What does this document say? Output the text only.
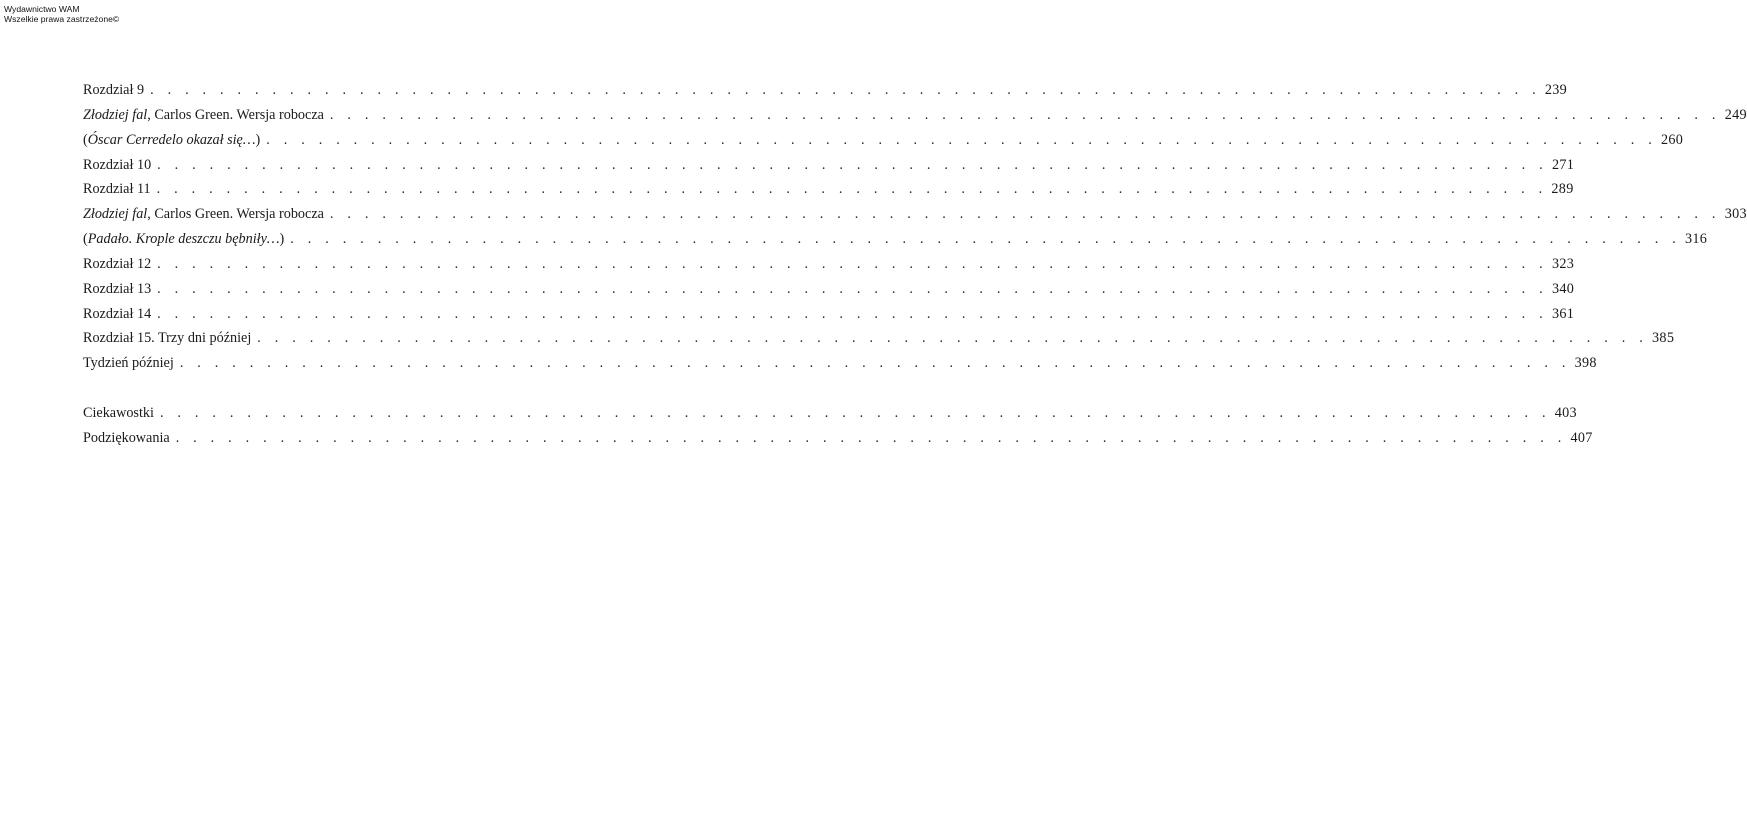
Wydawnictwo WAM
Wszelkie prawa zastrzeżone©
Rozdział 9 . . . . . . . . . . . . . . . . . . . . . . . . . . . . . . . . . . . . . . . . . . . . . . . . . . . . . . . . . . . . . . . . . . . . . . . . . . . . . . . . 239
Złodziej fal, Carlos Green. Wersja robocza . . . . . . . . . . . . . . . . . . . . . . . . . . . . . . . . . . . . . . . . . . . . . . . . . . . . . . . . . . . . . . . . . . . . . . . . . . . . . . . . 249
(Óscar Cerredelo okazał się…) . . . . . . . . . . . . . . . . . . . . . . . . . . . . . . . . . . . . . . . . . . . . . . . . . . . . . . . . . . . . . . . . . . . . . . . . . . . . . . . . 260
Rozdział 10 . . . . . . . . . . . . . . . . . . . . . . . . . . . . . . . . . . . . . . . . . . . . . . . . . . . . . . . . . . . . . . . . . . . . . . . . . . . . . . . . 271
Rozdział 11 . . . . . . . . . . . . . . . . . . . . . . . . . . . . . . . . . . . . . . . . . . . . . . . . . . . . . . . . . . . . . . . . . . . . . . . . . . . . . . . . 289
Złodziej fal, Carlos Green. Wersja robocza . . . . . . . . . . . . . . . . . . . . . . . . . . . . . . . . . . . . . . . . . . . . . . . . . . . . . . . . . . . . . . . . . . . . . . . . . . . . . . . . 303
(Padało. Krople deszczu bębniły…) . . . . . . . . . . . . . . . . . . . . . . . . . . . . . . . . . . . . . . . . . . . . . . . . . . . . . . . . . . . . . . . . . . . . . . . . . . . . . . . . 316
Rozdział 12 . . . . . . . . . . . . . . . . . . . . . . . . . . . . . . . . . . . . . . . . . . . . . . . . . . . . . . . . . . . . . . . . . . . . . . . . . . . . . . . . 323
Rozdział 13 . . . . . . . . . . . . . . . . . . . . . . . . . . . . . . . . . . . . . . . . . . . . . . . . . . . . . . . . . . . . . . . . . . . . . . . . . . . . . . . . 340
Rozdział 14 . . . . . . . . . . . . . . . . . . . . . . . . . . . . . . . . . . . . . . . . . . . . . . . . . . . . . . . . . . . . . . . . . . . . . . . . . . . . . . . . 361
Rozdział 15. Trzy dni później . . . . . . . . . . . . . . . . . . . . . . . . . . . . . . . . . . . . . . . . . . . . . . . . . . . . . . . . . . . . . . . . . . . . . . . . . . . . . . . . 385
Tydzień później . . . . . . . . . . . . . . . . . . . . . . . . . . . . . . . . . . . . . . . . . . . . . . . . . . . . . . . . . . . . . . . . . . . . . . . . . . . . . . . . 398
Ciekawostki . . . . . . . . . . . . . . . . . . . . . . . . . . . . . . . . . . . . . . . . . . . . . . . . . . . . . . . . . . . . . . . . . . . . . . . . . . . . . . . . 403
Podziękowania . . . . . . . . . . . . . . . . . . . . . . . . . . . . . . . . . . . . . . . . . . . . . . . . . . . . . . . . . . . . . . . . . . . . . . . . . . . . . . . . 407
